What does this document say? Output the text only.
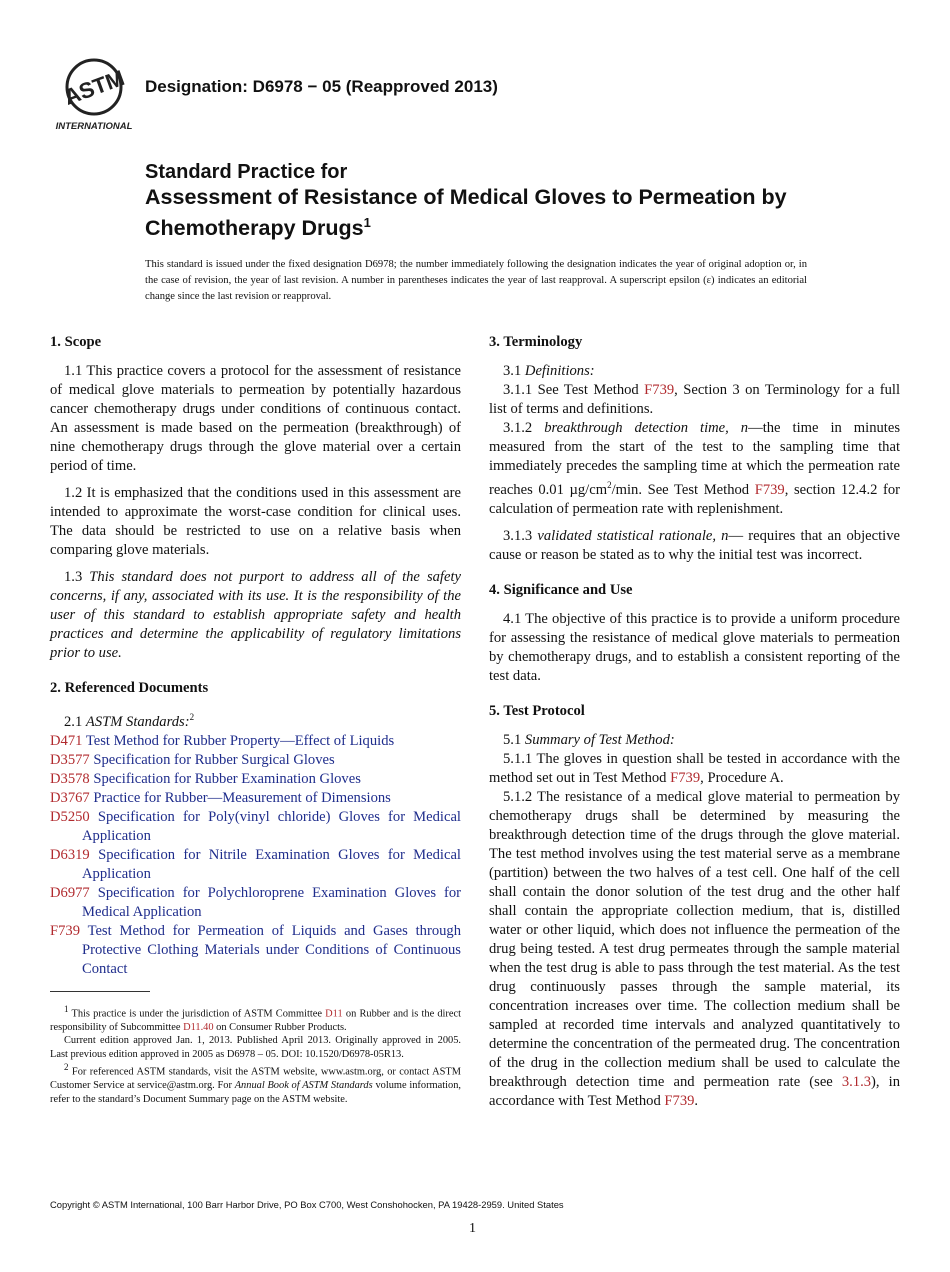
ASTM
INTERNATIONAL
Designation: D6978 − 05 (Reapproved 2013)
Standard Practice for
Assessment of Resistance of Medical Gloves to Permeation by Chemotherapy Drugs$^1$
This standard is issued under the fixed designation D6978; the number immediately following the designation indicates the year of original adoption or, in the case of revision, the year of last revision. A number in parentheses indicates the year of last reapproval. A superscript epsilon (ε) indicates an editorial change since the last revision or reapproval.
1. Scope

1.1 This practice covers a protocol for the assessment of resistance of medical glove materials to permeation by potentially hazardous cancer chemotherapy drugs under conditions of continuous contact. An assessment is made based on the permeation (breakthrough) of nine chemotherapy drugs through the glove material over a certain period of time.

1.2 It is emphasized that the conditions used in this assessment are intended to approximate the worst-case condition for clinical uses. The data should be restricted to use on a relative basis when comparing glove materials.

1.3 This standard does not purport to address all of the safety concerns, if any, associated with its use. It is the responsibility of the user of this standard to establish appropriate safety and health practices and determine the applicability of regulatory limitations prior to use.

2. Referenced Documents

2.1 ASTM Standards:$^2$

D471 Test Method for Rubber Property—Effect of Liquids
D3577 Specification for Rubber Surgical Gloves
D3578 Specification for Rubber Examination Gloves
D3767 Practice for Rubber—Measurement of Dimensions
D5250 Specification for Poly(vinyl chloride) Gloves for Medical Application
D6319 Specification for Nitrile Examination Gloves for Medical Application
D6977 Specification for Polychloroprene Examination Gloves for Medical Application
F739 Test Method for Permeation of Liquids and Gases through Protective Clothing Materials under Conditions of Continuous Contact

$^1$ This practice is under the jurisdiction of ASTM Committee D11 on Rubber and is the direct responsibility of Subcommittee D11.40 on Consumer Rubber Products.

Current edition approved Jan. 1, 2013. Published April 2013. Originally approved in 2005. Last previous edition approved in 2005 as D6978 – 05. DOI: 10.1520/D6978-05R13.

$^2$ For referenced ASTM standards, visit the ASTM website, www.astm.org, or contact ASTM Customer Service at service@astm.org. For Annual Book of ASTM Standards volume information, refer to the standard’s Document Summary page on the ASTM website.

3. Terminology

3.1 Definitions:

3.1.1 See Test Method F739, Section 3 on Terminology for a full list of terms and definitions.

3.1.2 breakthrough detection time, n—the time in minutes measured from the start of the test to the sampling time that immediately precedes the sampling time at which the permeation rate reaches 0.01 $\mu g/cm^2/\min$. See Test Method F739, section 12.4.2 for calculation of permeation rate with replenishment.

3.1.3 validated statistical rationale, n— requires that an objective cause or reason be stated as to why the initial test was incorrect.

4. Significance and Use

4.1 The objective of this practice is to provide a uniform procedure for assessing the resistance of medical glove materials to permeation by chemotherapy drugs, and to establish a consistent reporting of the test data.

5. Test Protocol

5.1 Summary of Test Method:

5.1.1 The gloves in question shall be tested in accordance with the method set out in Test Method F739, Procedure A.

5.1.2 The resistance of a medical glove material to permeation by chemotherapy drugs shall be determined by measuring the breakthrough detection time of the drugs through the glove material. The test method involves using the test material serve as a membrane (partition) between the two halves of a test cell. One half of the cell shall contain the donor solution of the test drug and the other half shall contain the appropriate collection medium, that is, distilled water or other liquid, which does not influence the permeation of the drug being tested. A test drug permeates through the sample material when the test drug is able to pass through the test material. As the test drug continuously passes through the sample material, its concentration increases over time. The collection medium shall be sampled at recorded time intervals and analyzed quantitatively to determine the concentration of the permeated drug. The concentration of the drug in the collection medium shall be used to calculate the breakthrough detection time and permeation rate (see 3.1.3), in accordance with Test Method F739.

Copyright © ASTM International, 100 Barr Harbor Drive, PO Box C700, West Conshohocken, PA 19428-2959. United States
1
